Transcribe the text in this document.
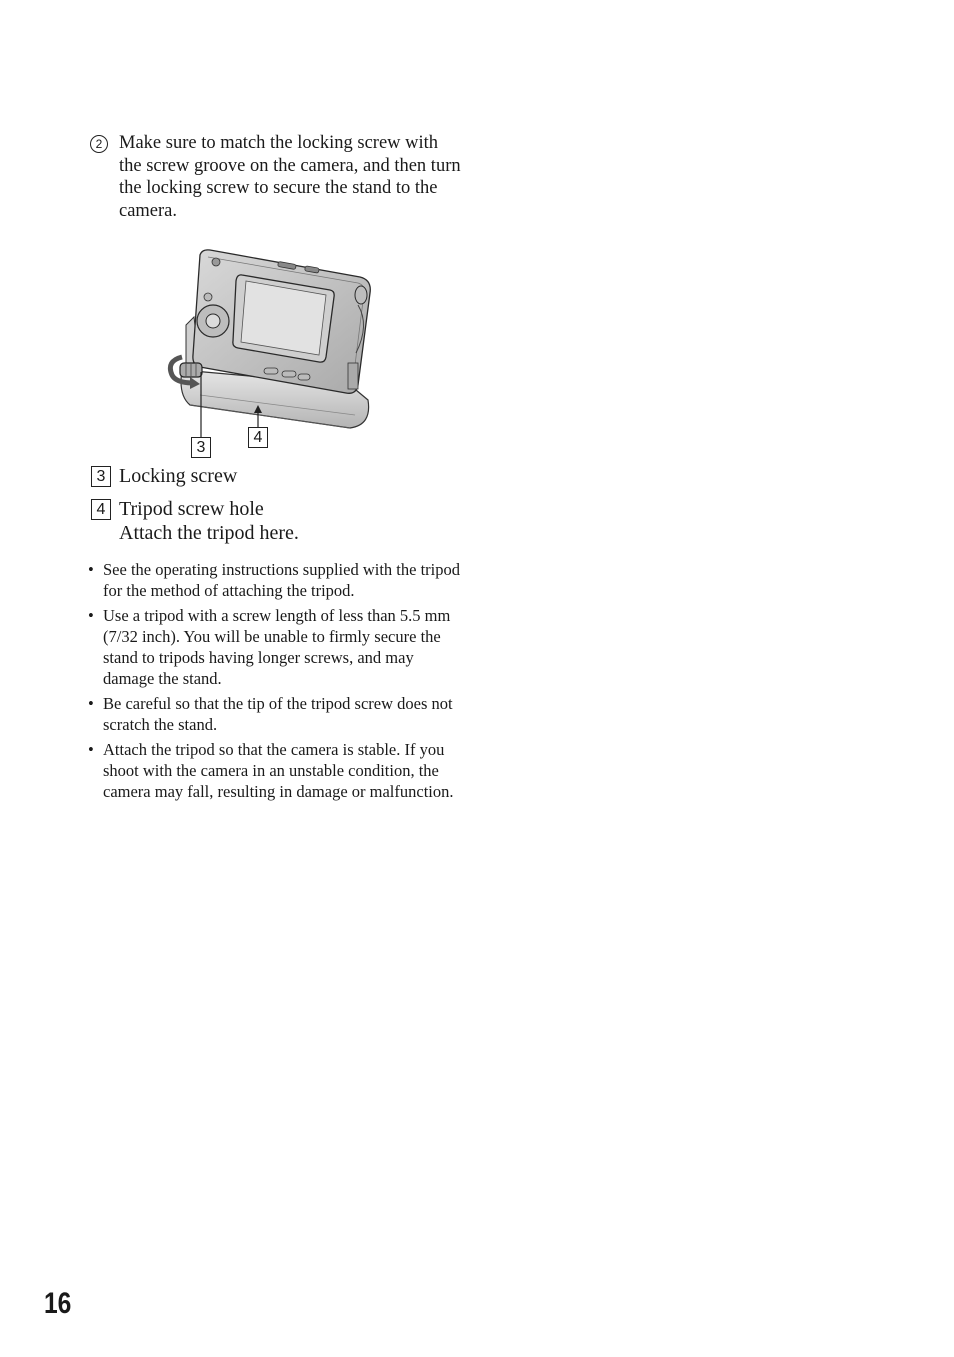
2 Make sure to match the locking screw with the screw groove on the camera, and then turn the locking screw to secure the stand to the camera.
3
4
3 Locking screw
4 Tripod screw hole
Attach the tripod here.
• See the operating instructions supplied with the tripod for the method of attaching the tripod.
• Use a tripod with a screw length of less than 5.5 mm (7/32 inch). You will be unable to firmly secure the stand to tripods having longer screws, and may damage the stand.
• Be careful so that the tip of the tripod screw does not scratch the stand.
• Attach the tripod so that the camera is stable. If you shoot with the camera in an unstable condition, the camera may fall, resulting in damage or malfunction.
16
